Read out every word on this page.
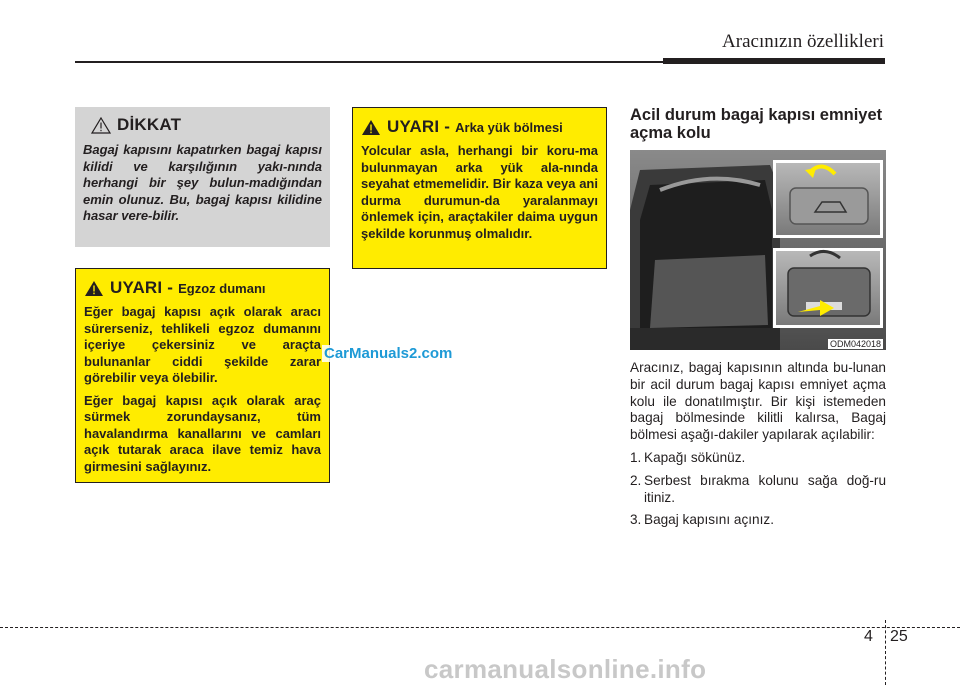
Aracınızın özellikleri
DİKKAT

Bagaj kapısını kapatırken bagaj kapısı kilidi ve karşılığının yakı-nında herhangi bir şey bulun-madığından emin olunuz. Bu, bagaj kapısı kilidine hasar vere-bilir.

UYARI - Egzoz dumanı

Eğer bagaj kapısı açık olarak aracı sürerseniz, tehlikeli egzoz dumanını içeriye çekersiniz ve araçta bulunanlar ciddi şekilde zarar görebilir veya ölebilir.

Eğer bagaj kapısı açık olarak araç sürmek zorundaysanız, tüm havalandırma kanallarını ve camları açık tutarak araca ilave temiz hava girmesini sağlayınız.

UYARI - Arka yük bölmesi

Yolcular asla, herhangi bir koru-ma bulunmayan arka yük ala-nında seyahat etmemelidir. Bir kaza veya ani durma durumun-da yaralanmayı önlemek için, araçtakiler daima uygun şekilde korunmuş olmalıdır.

Acil durum bagaj kapısı emniyet açma kolu
ODM042018

Aracınız, bagaj kapısının altında bu-lunan bir acil durum bagaj kapısı emniyet açma kolu ile donatılmıştır. Bir kişi istemeden bagaj bölmesinde kilitli kalırsa, Bagaj bölmesi aşağı-dakiler yapılarak açılabilir:

1. Kapağı sökünüz.
2. Serbest bırakma kolunu sağa doğ-ru itiniz.
3. Bagaj kapısını açınız.
CarManuals2.com
4 25
carmanualsonline.info
